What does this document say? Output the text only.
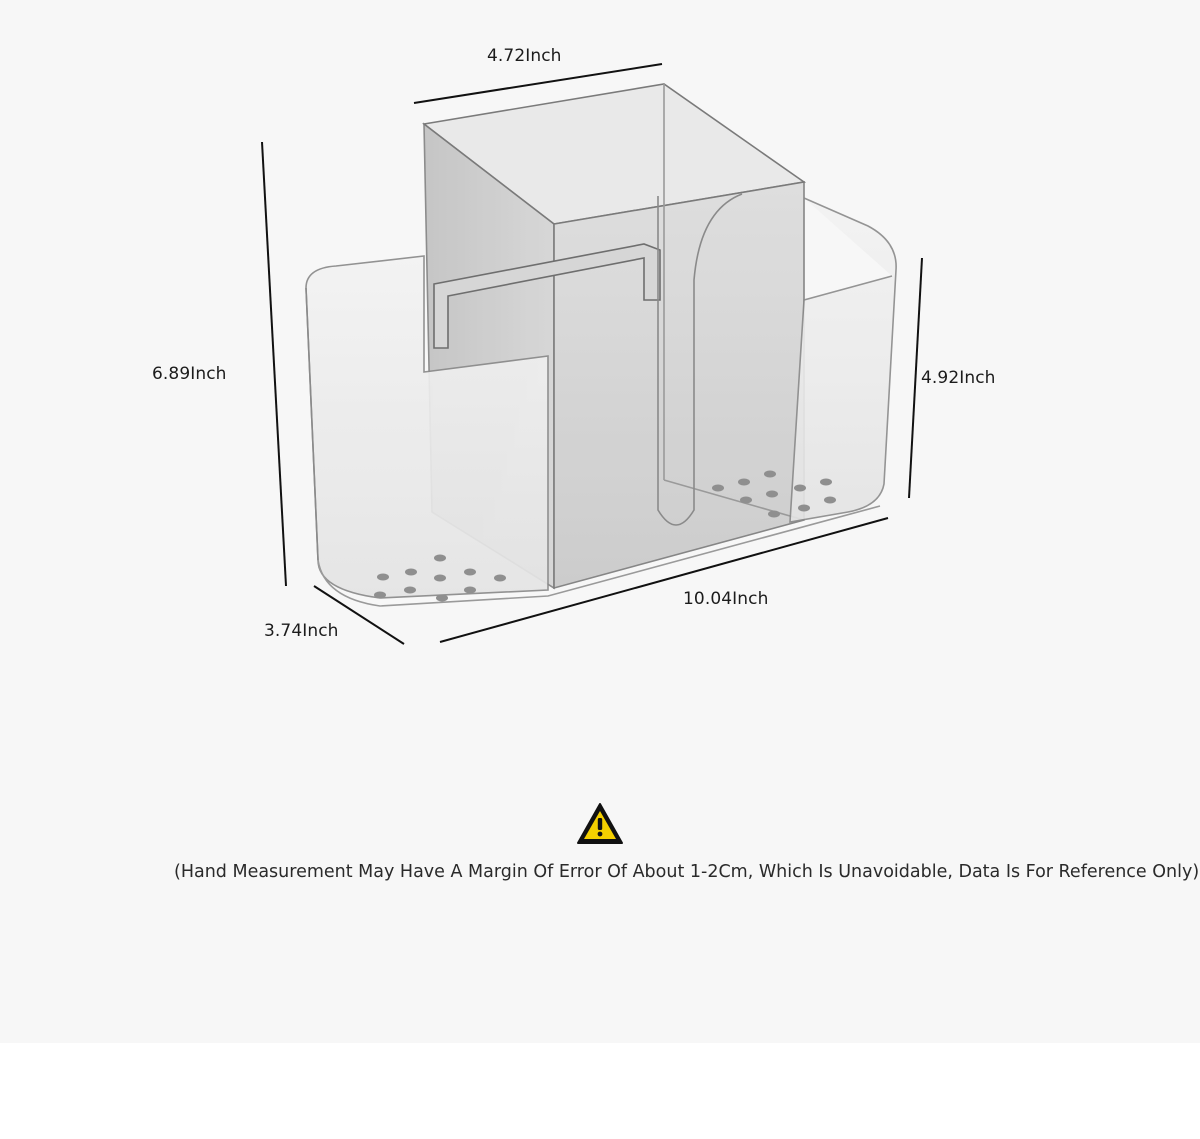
4.72Inch
6.89Inch	4.92Inch
3.74Inch
10.04Inch
(Hand Measurement May Have A Margin Of Error Of About 1-2Cm, Which Is Unavoidable, Data Is For Reference Only)
